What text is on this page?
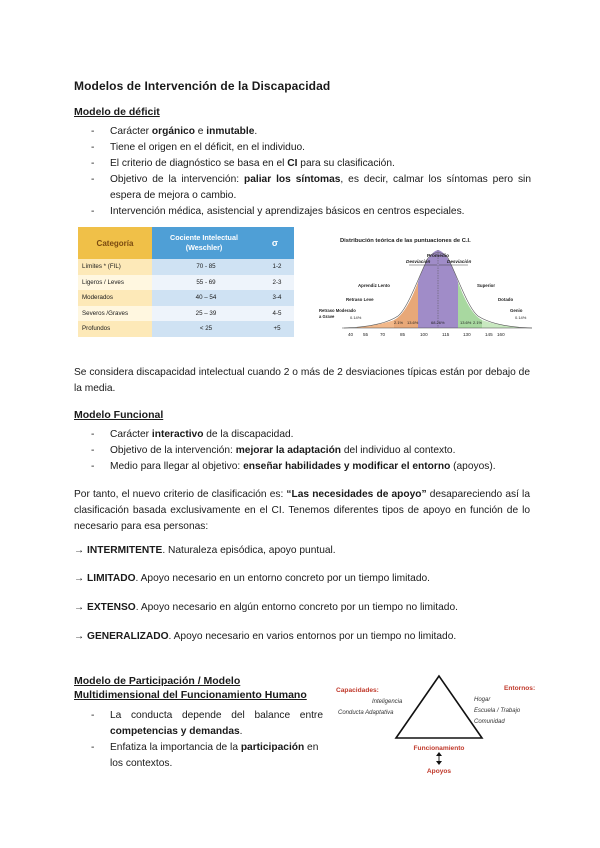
Modelos de Intervención de la Discapacidad
Modelo de déficit
- Carácter orgánico e inmutable.
- Tiene el origen en el déficit, en el individuo.
- El criterio de diagnóstico se basa en el CI para su clasificación.
- Objetivo de la intervención: paliar los síntomas, es decir, calmar los síntomas pero sin espera de mejora o cambio.
- Intervención médica, asistencial y aprendizajes básicos en centros especiales.
Categoría	Cociente Intelectual (Weschler)	σ
Límites * (FIL)	70 - 85	1-2
Ligeros / Leves	55 - 69	2-3
Moderados	40 – 54	3-4
Severos /Graves	25 – 39	4-5
Profundos	< 25	+5
Distribución teórica de las puntuaciones de C.I.
Promedio
Desviación	Desviación
Aprendiz Lento	Superior
Retraso Leve	Dotado
Retraso Moderado
a Grave
Genio
0.14%
2.1% 13.6%	68.26%	13.6% 2.1%
0.14%
40 55	70	85	100	115	130	145 160
Se considera discapacidad intelectual cuando 2 o más de 2 desviaciones típicas están por debajo de la media.
Modelo Funcional
- Carácter interactivo de la discapacidad.
- Objetivo de la intervención: mejorar la adaptación del individuo al contexto.
- Medio para llegar al objetivo: enseñar habilidades y modificar el entorno (apoyos).
Por tanto, el nuevo criterio de clasificación es: “Las necesidades de apoyo” desapareciendo así la clasificación basada exclusivamente en el CI. Tenemos diferentes tipos de apoyo en función de lo necesario para esa personas:
→ INTERMITENTE. Naturaleza episódica, apoyo puntual.
→ LIMITADO. Apoyo necesario en un entorno concreto por un tiempo limitado.
→ EXTENSO. Apoyo necesario en algún entorno concreto por un tiempo no limitado.
→ GENERALIZADO. Apoyo necesario en varios entornos por un tiempo no limitado.
Modelo de Participación / Modelo
Multidimensional del Funcionamiento Humano
- La conducta depende del balance entre competencias y demandas.
- Enfatiza la importancia de la participación en los contextos.
Capacidades:
Inteligencia
Conducta Adaptativa
Entornos:
Hogar
Escuela / Trabajo
Comunidad
Funcionamiento
Apoyos
